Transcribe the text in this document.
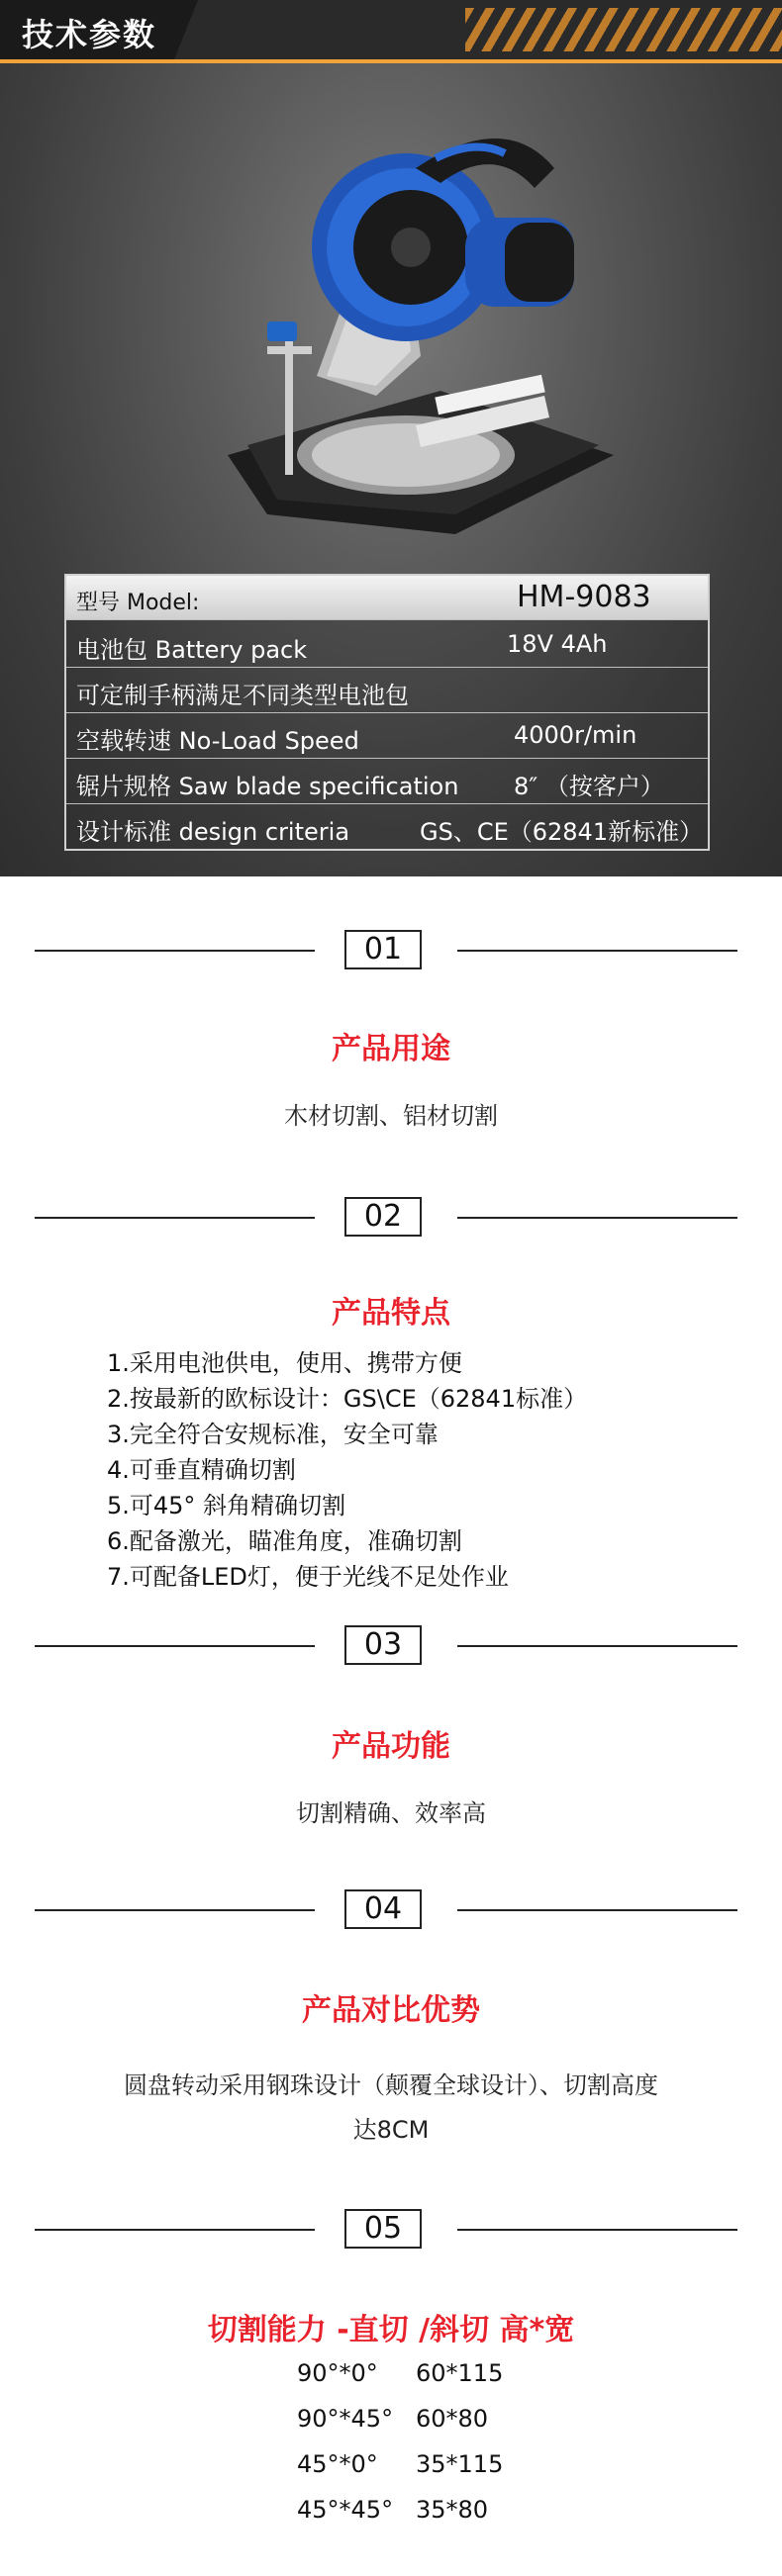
技术参数
型号 Model:	HM-9083
电池包 Battery pack	18V 4Ah
可定制手柄满足不同类型电池包
空载转速 No-Load Speed	4000r/min
锯片规格 Saw blade specification 8″ （按客户）
设计标准 design criteria	GS、CE（62841新标准）
01
产品用途
木材切割、铝材切割
02
产品特点
1.采用电池供电，使用、携带方便
2.按最新的欧标设计：GS\CE（62841标准）
3.完全符合安规标准，安全可靠
4.可垂直精确切割
5.可45° 斜角精确切割
6.配备激光，瞄准角度，准确切割
7.可配备LED灯，便于光线不足处作业
03
产品功能
切割精确、效率高
04
产品对比优势
圆盘转动采用钢珠设计（颠覆全球设计）、切割高度
达8CM
05
切割能力 -直切 /斜切 高*宽
90°*0° 60*115
90°*45° 60*80
45°*0° 35*115
45°*45° 35*80
